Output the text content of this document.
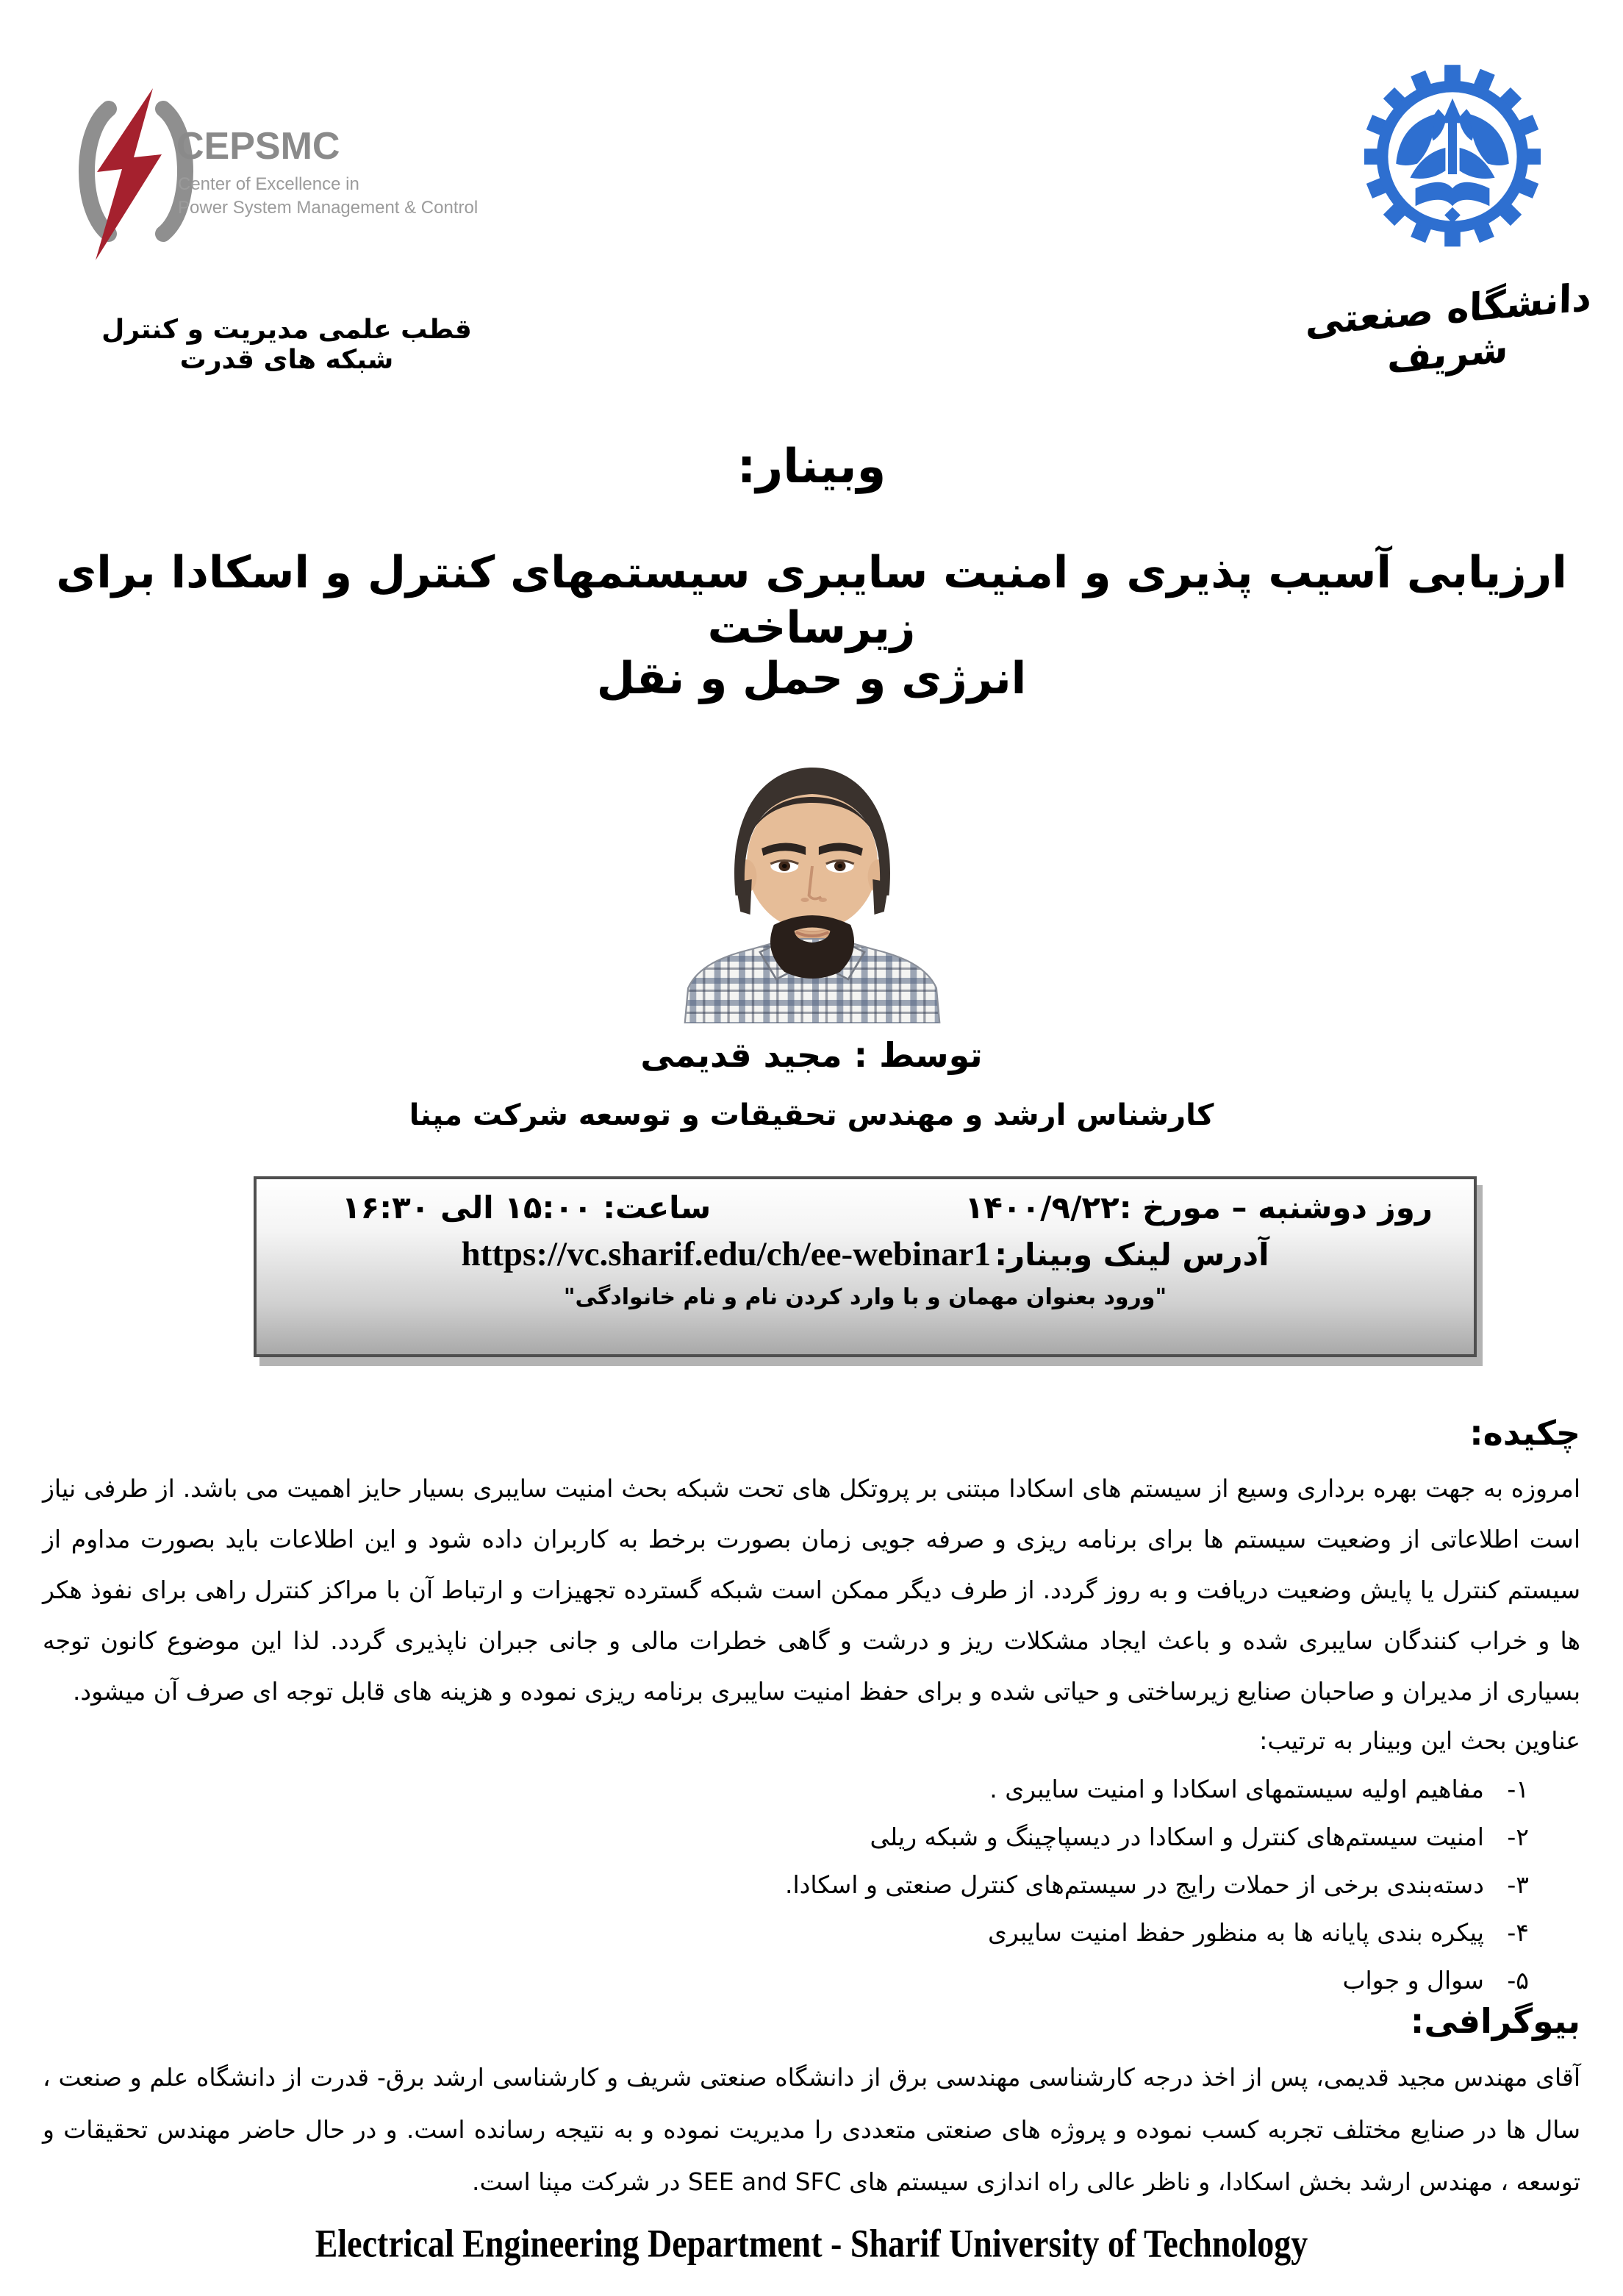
CEPSMC
Center of Excellence in
Power System Management & Control
قطب علمی مدیریت و کنترل شبکه های قدرت
دانشگاه صنعتی شریف
وبینار:
ارزیابی آسیب پذیری و امنیت سایبری سیستمهای کنترل و اسکادا برای زیرساخت
انرژی و حمل و نقل
توسط : مجید قدیمی
کارشناس ارشد و مهندس تحقیقات و توسعه شرکت مپنا
روز دوشنبه – مورخ :۱۴۰۰/۹/۲۲
ساعت: ۱۵:۰۰ الی ۱۶:۳۰
آدرس لینک وبینار: https://vc.sharif.edu/ch/ee-webinar1
"ورود بعنوان مهمان و با وارد کردن نام و نام خانوادگی"
چکیده:

امروزه به جهت بهره برداری وسیع از سیستم های اسکادا مبتنی بر پروتکل های تحت شبکه بحث امنیت سایبری بسیار حایز اهمیت می باشد. از طرفی نیاز است اطلاعاتی از وضعیت سیستم ها برای برنامه ریزی و صرفه جویی زمان بصورت برخط به کاربران داده شود و این اطلاعات باید بصورت مداوم از سیستم کنترل یا پایش وضعیت دریافت و به روز گردد. از طرف دیگر ممکن است شبکه گسترده تجهیزات و ارتباط آن با مراکز کنترل راهی برای نفوذ هکر ها و خراب کنندگان سایبری شده و باعث ایجاد مشکلات ریز و درشت و گاهی خطرات مالی و جانی جبران ناپذیری گردد. لذا این موضوع کانون توجه بسیاری از مدیران و صاحبان صنایع زیرساختی و حیاتی شده و برای حفظ امنیت سایبری برنامه ریزی نموده و هزینه های قابل توجه ای صرف آن میشود.

عناوین بحث این وبینار به ترتیب:

۱-   مفاهیم اولیه سیستمهای اسکادا و امنیت سایبری .
۲-   امنیت سیستم‌های کنترل و اسکادا در دیسپاچینگ و شبکه ریلی
۳-   دسته‌بندی برخی از حملات رایج در سیستم‌های کنترل صنعتی و اسکادا.
۴-   پیکره بندی پایانه ها به منظور حفظ امنیت سایبری
۵-   سوال و جواب
بیوگرافی:

آقای مهندس مجید قدیمی، پس از اخذ درجه کارشناسی مهندسی برق از دانشگاه صنعتی شریف و کارشناسی ارشد برق- قدرت از دانشگاه علم و صنعت ، سال ها در صنایع مختلف تجربه کسب نموده و پروژه های صنعتی متعددی را مدیریت نموده و به نتیجه رسانده است. و در حال حاضر مهندس تحقیقات و توسعه ، مهندس ارشد بخش اسکادا، و ناظر عالی راه اندازی سیستم های SEE and SFC در شرکت مپنا است.

Electrical Engineering Department - Sharif University of Technology
